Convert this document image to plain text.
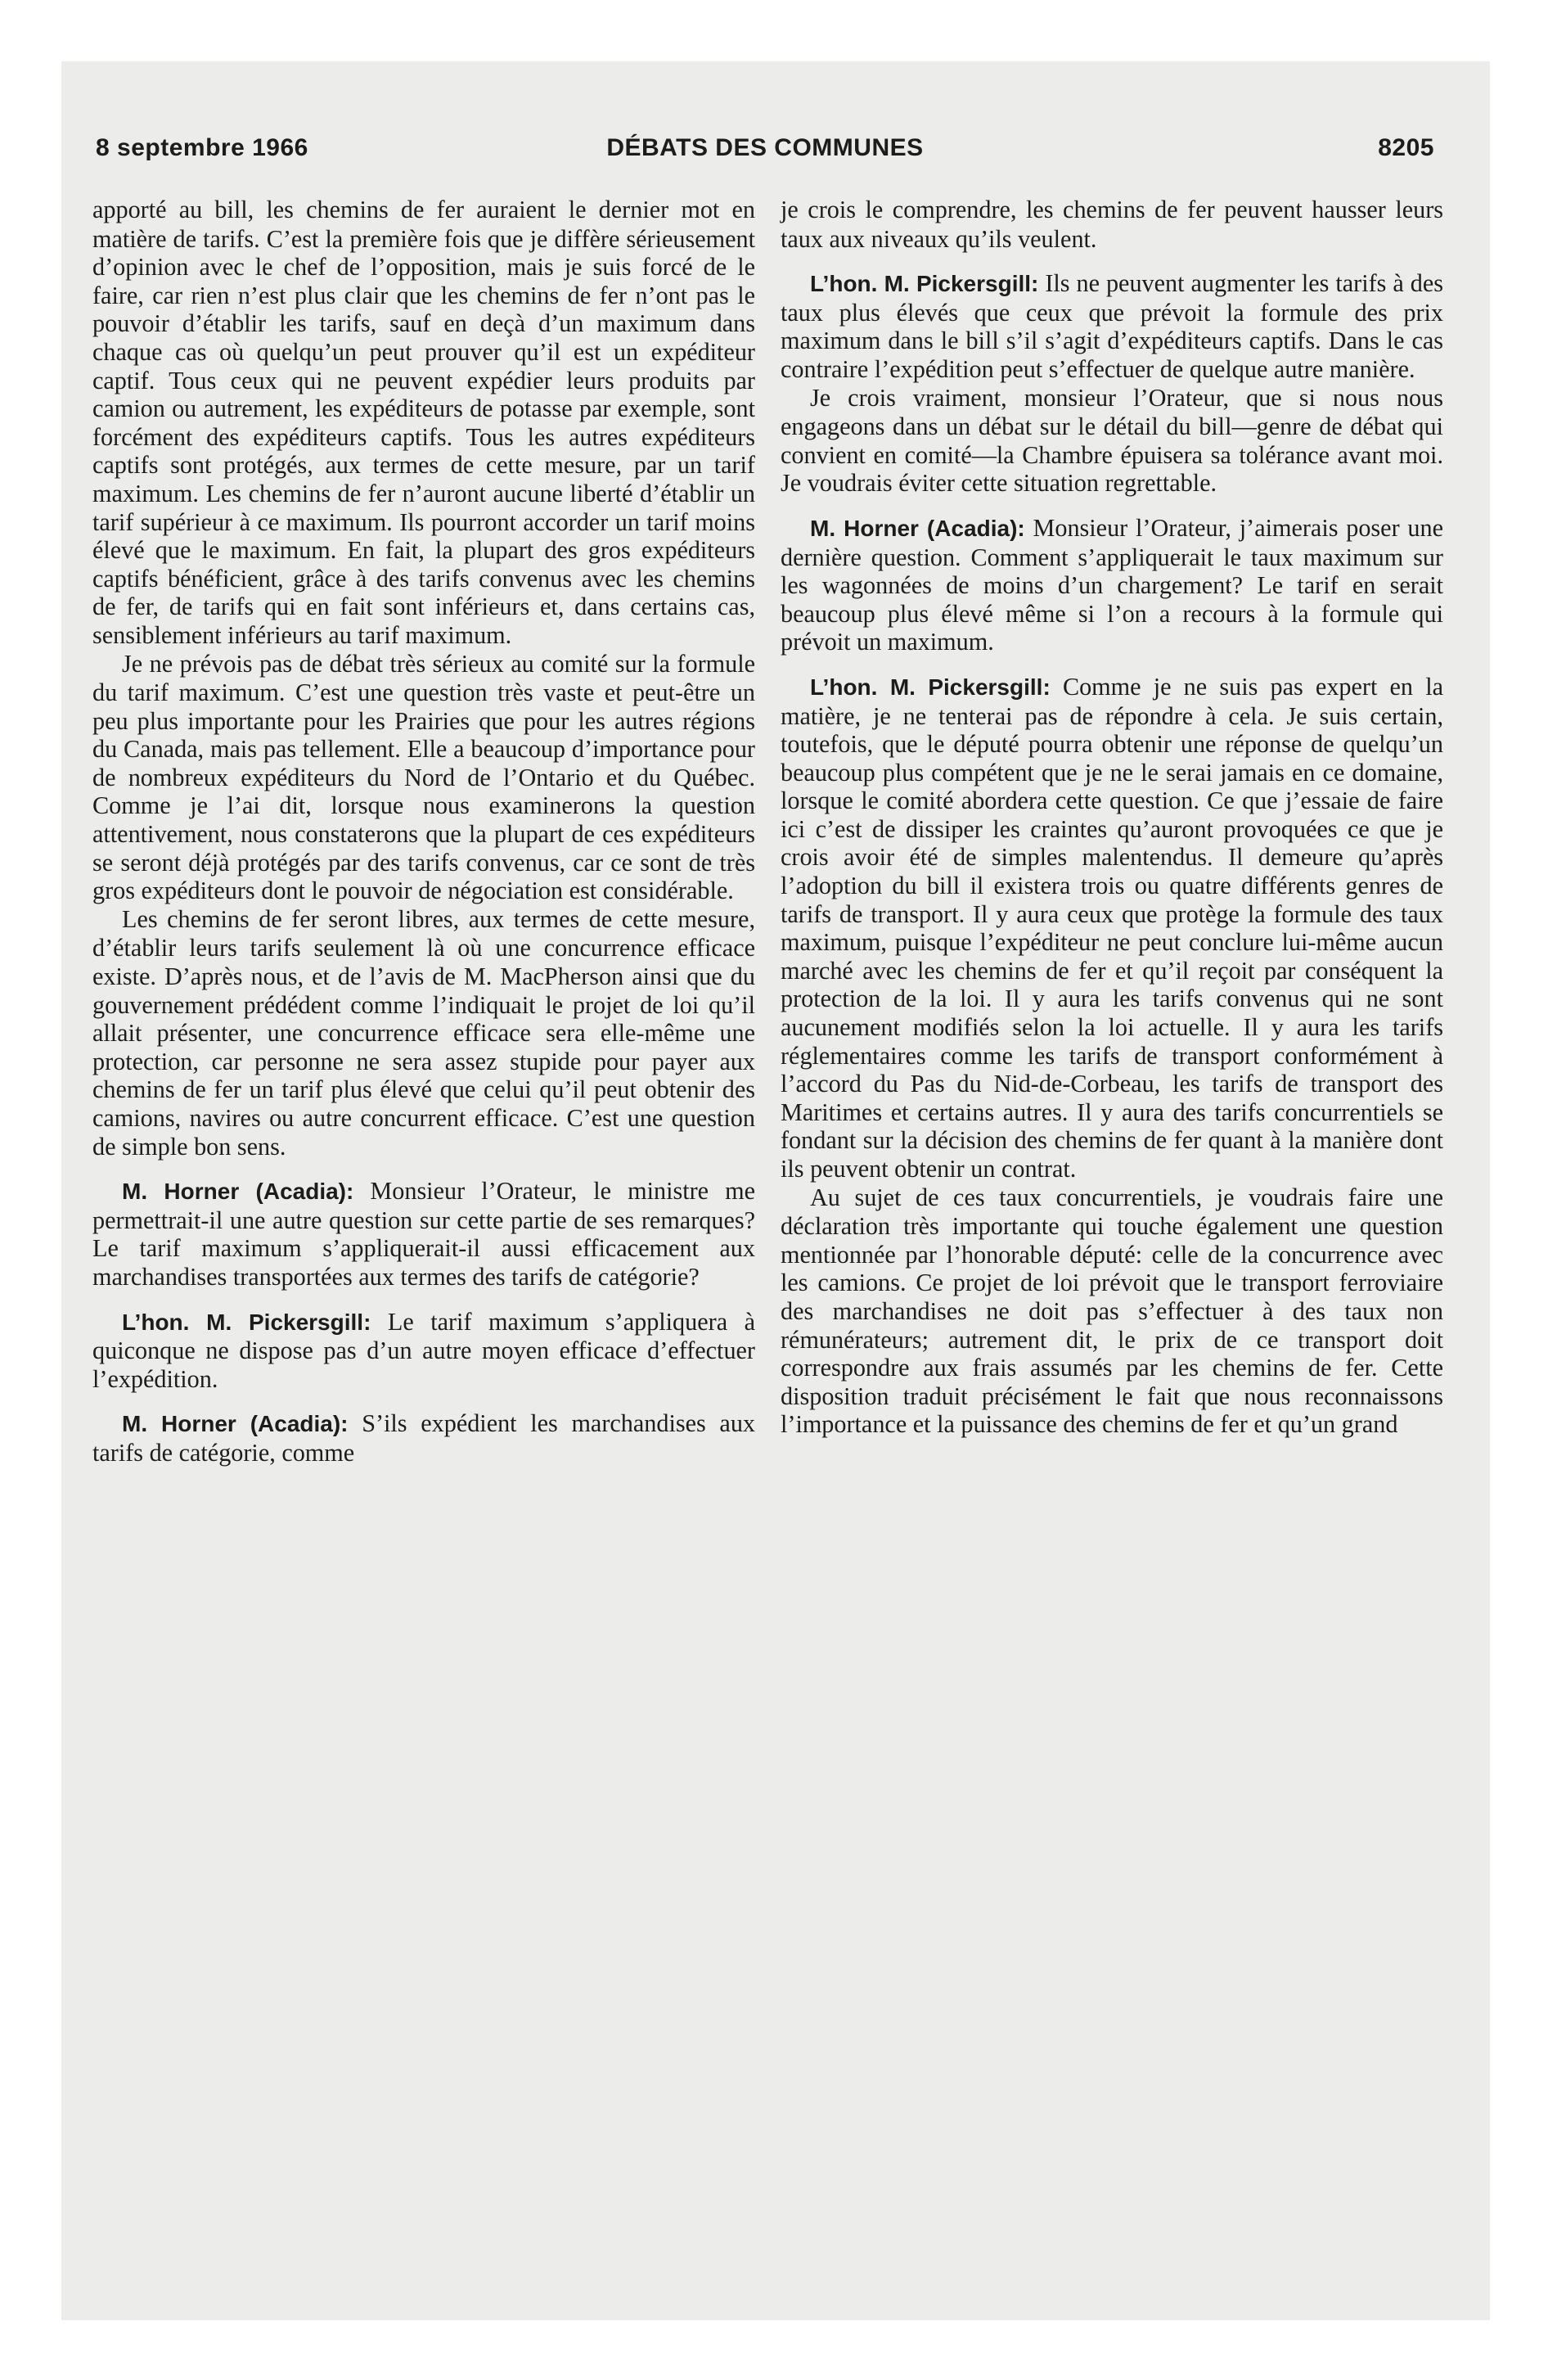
8 septembre 1966	DÉBATS DES COMMUNES	8205

apporté au bill, les chemins de fer auraient le dernier mot en matière de tarifs. C’est la première fois que je diffère sérieusement d’opinion avec le chef de l’opposition, mais je suis forcé de le faire, car rien n’est plus clair que les chemins de fer n’ont pas le pouvoir d’établir les tarifs, sauf en deçà d’un maximum dans chaque cas où quelqu’un peut prouver qu’il est un expéditeur captif. Tous ceux qui ne peuvent expédier leurs produits par camion ou autrement, les expéditeurs de potasse par exemple, sont forcément des expéditeurs captifs. Tous les autres expéditeurs captifs sont protégés, aux termes de cette mesure, par un tarif maximum. Les chemins de fer n’auront aucune liberté d’établir un tarif supérieur à ce maximum. Ils pourront accorder un tarif moins élevé que le maximum. En fait, la plupart des gros expéditeurs captifs bénéficient, grâce à des tarifs convenus avec les chemins de fer, de tarifs qui en fait sont inférieurs et, dans certains cas, sensiblement inférieurs au tarif maximum.

Je ne prévois pas de débat très sérieux au comité sur la formule du tarif maximum. C’est une question très vaste et peut-être un peu plus importante pour les Prairies que pour les autres régions du Canada, mais pas tellement. Elle a beaucoup d’importance pour de nombreux expéditeurs du Nord de l’Ontario et du Québec. Comme je l’ai dit, lorsque nous examinerons la question attentivement, nous constaterons que la plupart de ces expéditeurs se seront déjà protégés par des tarifs convenus, car ce sont de très gros expéditeurs dont le pouvoir de négociation est considérable.

Les chemins de fer seront libres, aux termes de cette mesure, d’établir leurs tarifs seulement là où une concurrence efficace existe. D’après nous, et de l’avis de M. MacPherson ainsi que du gouvernement prédédent comme l’indiquait le projet de loi qu’il allait présenter, une concurrence efficace sera elle-même une protection, car personne ne sera assez stupide pour payer aux chemins de fer un tarif plus élevé que celui qu’il peut obtenir des camions, navires ou autre concurrent efficace. C’est une question de simple bon sens.

M. Horner (Acadia): Monsieur l’Orateur, le ministre me permettrait-il une autre question sur cette partie de ses remarques? Le tarif maximum s’appliquerait-il aussi efficacement aux marchandises transportées aux termes des tarifs de catégorie?

L’hon. M. Pickersgill: Le tarif maximum s’appliquera à quiconque ne dispose pas d’un autre moyen efficace d’effectuer l’expédition.

M. Horner (Acadia): S’ils expédient les marchandises aux tarifs de catégorie, comme

je crois le comprendre, les chemins de fer peuvent hausser leurs taux aux niveaux qu’ils veulent.

L’hon. M. Pickersgill: Ils ne peuvent augmenter les tarifs à des taux plus élevés que ceux que prévoit la formule des prix maximum dans le bill s’il s’agit d’expéditeurs captifs. Dans le cas contraire l’expédition peut s’effectuer de quelque autre manière.

Je crois vraiment, monsieur l’Orateur, que si nous nous engageons dans un débat sur le détail du bill—genre de débat qui convient en comité—la Chambre épuisera sa tolérance avant moi. Je voudrais éviter cette situation regrettable.

M. Horner (Acadia): Monsieur l’Orateur, j’aimerais poser une dernière question. Comment s’appliquerait le taux maximum sur les wagonnées de moins d’un chargement? Le tarif en serait beaucoup plus élevé même si l’on a recours à la formule qui prévoit un maximum.

L’hon. M. Pickersgill: Comme je ne suis pas expert en la matière, je ne tenterai pas de répondre à cela. Je suis certain, toutefois, que le député pourra obtenir une réponse de quelqu’un beaucoup plus compétent que je ne le serai jamais en ce domaine, lorsque le comité abordera cette question. Ce que j’essaie de faire ici c’est de dissiper les craintes qu’auront provoquées ce que je crois avoir été de simples malentendus. Il demeure qu’après l’adoption du bill il existera trois ou quatre différents genres de tarifs de transport. Il y aura ceux que protège la formule des taux maximum, puisque l’expéditeur ne peut conclure lui-même aucun marché avec les chemins de fer et qu’il reçoit par conséquent la protection de la loi. Il y aura les tarifs convenus qui ne sont aucunement modifiés selon la loi actuelle. Il y aura les tarifs réglementaires comme les tarifs de transport conformément à l’accord du Pas du Nid-de-Corbeau, les tarifs de transport des Maritimes et certains autres. Il y aura des tarifs concurrentiels se fondant sur la décision des chemins de fer quant à la manière dont ils peuvent obtenir un contrat.

Au sujet de ces taux concurrentiels, je voudrais faire une déclaration très importante qui touche également une question mentionnée par l’honorable député: celle de la concurrence avec les camions. Ce projet de loi prévoit que le transport ferroviaire des marchandises ne doit pas s’effectuer à des taux non rémunérateurs; autrement dit, le prix de ce transport doit correspondre aux frais assumés par les chemins de fer. Cette disposition traduit précisément le fait que nous reconnaissons l’importance et la puissance des chemins de fer et qu’un grand
